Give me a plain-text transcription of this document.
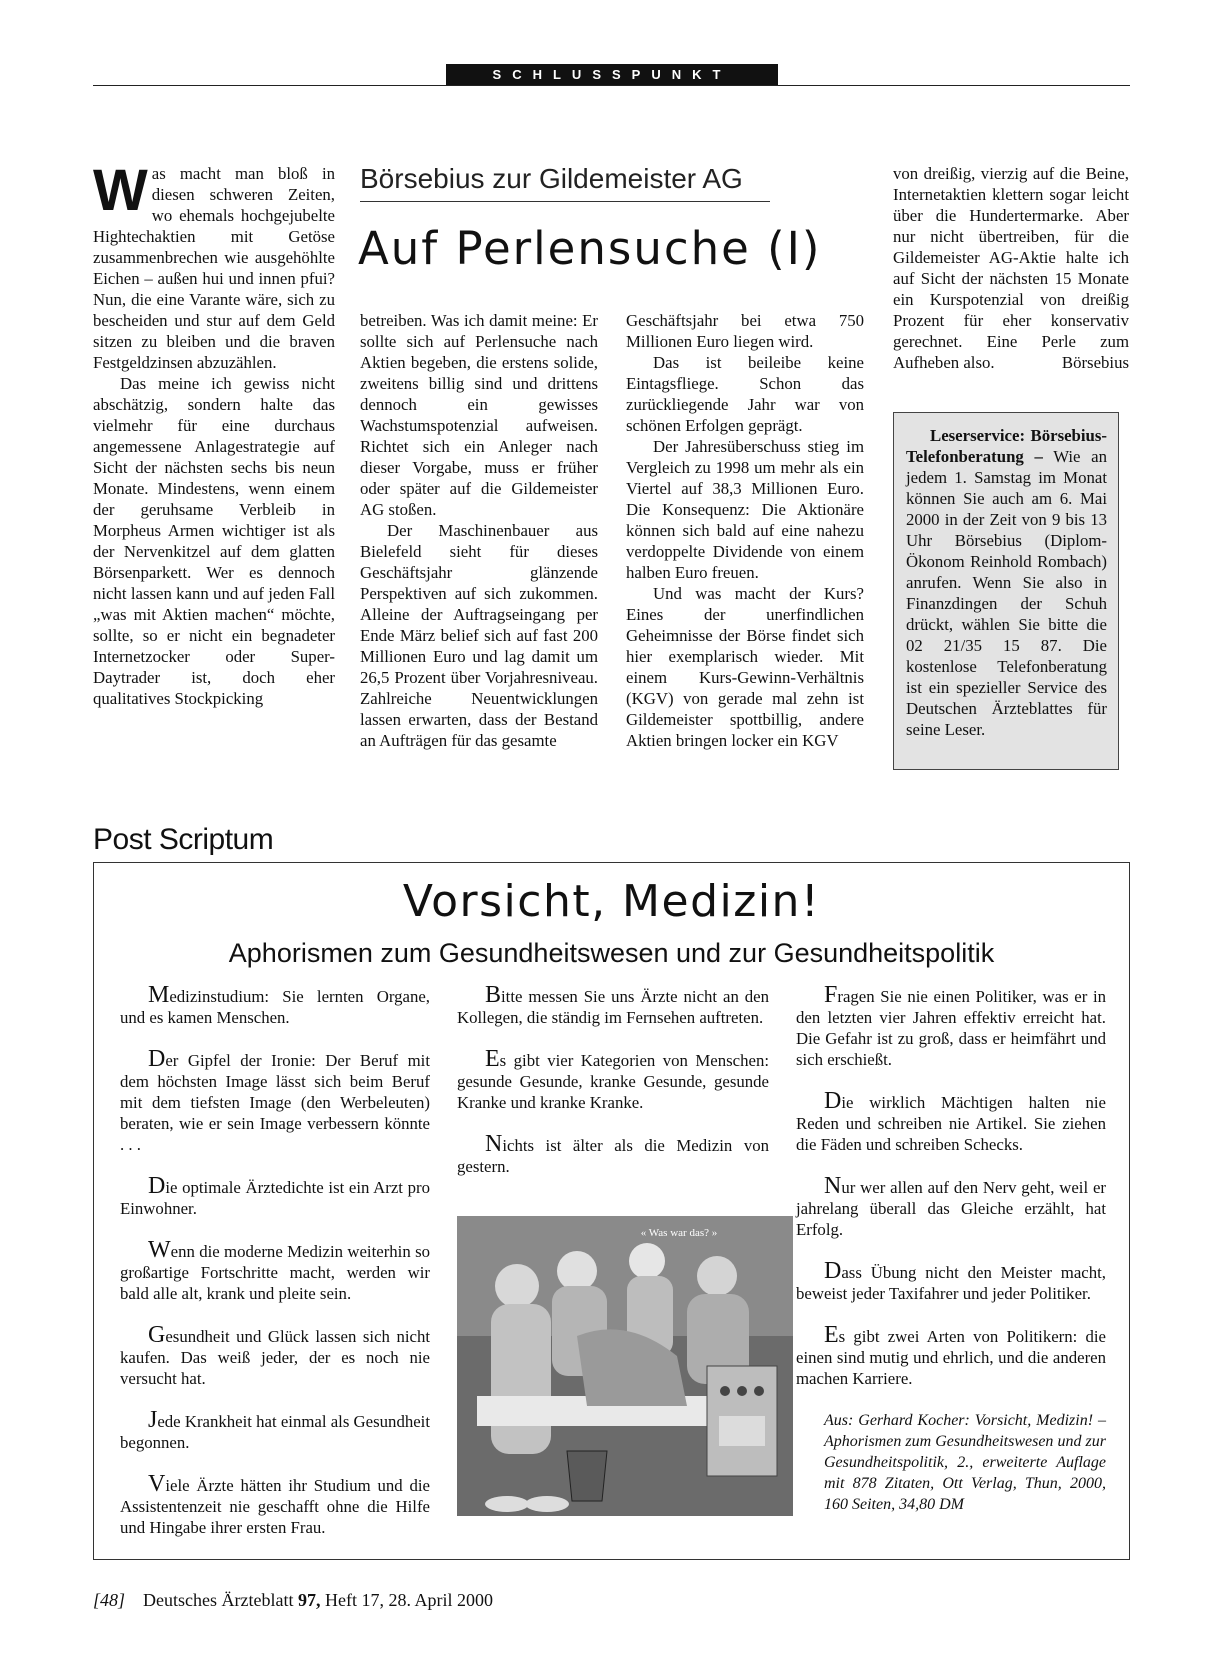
SCHLUSSPUNKT

Was macht man bloß in diesen schweren Zeiten, wo ehemals hochgejubelte Hightechaktien mit Getöse zusammenbrechen wie ausgehöhlte Eichen – außen hui und innen pfui? Nun, die eine Varante wäre, sich zu bescheiden und stur auf dem Geld sitzen zu bleiben und die braven Festgeldzinsen abzuzählen.

Das meine ich gewiss nicht abschätzig, sondern halte das vielmehr für eine durchaus angemessene Anlagestrategie auf Sicht der nächsten sechs bis neun Monate. Mindestens, wenn einem der geruhsame Verbleib in Morpheus Armen wichtiger ist als der Nervenkitzel auf dem glatten Börsenparkett. Wer es dennoch nicht lassen kann und auf jeden Fall „was mit Aktien machen“ möchte, sollte, so er nicht ein begnadeter Internetzocker oder Super-Daytrader ist, doch eher qualitatives Stockpicking

Börsebius zur Gildemeister AG
Auf Perlensuche (I)

betreiben. Was ich damit meine: Er sollte sich auf Perlensuche nach Aktien begeben, die erstens solide, zweitens billig sind und drittens dennoch ein gewisses Wachstumspotenzial aufweisen. Richtet sich ein Anleger nach dieser Vorgabe, muss er früher oder später auf die Gildemeister AG stoßen.

Der Maschinenbauer aus Bielefeld sieht für dieses Geschäftsjahr glänzende Perspektiven auf sich zukommen. Alleine der Auftragseingang per Ende März belief sich auf fast 200 Millionen Euro und lag damit um 26,5 Prozent über Vorjahresniveau. Zahlreiche Neuentwicklungen lassen erwarten, dass der Bestand an Aufträgen für das gesamte

Geschäftsjahr bei etwa 750 Millionen Euro liegen wird.

Das ist beileibe keine Eintagsfliege. Schon das zurückliegende Jahr war von schönen Erfolgen geprägt.

Der Jahresüberschuss stieg im Vergleich zu 1998 um mehr als ein Viertel auf 38,3 Millionen Euro. Die Konsequenz: Die Aktionäre können sich bald auf eine nahezu verdoppelte Dividende von einem halben Euro freuen.

Und was macht der Kurs? Eines der unerfindlichen Geheimnisse der Börse findet sich hier exemplarisch wieder. Mit einem Kurs-Gewinn-Verhältnis (KGV) von gerade mal zehn ist Gildemeister spottbillig, andere Aktien bringen locker ein KGV

von dreißig, vierzig auf die Beine, Internetaktien klettern sogar leicht über die Hundertermarke. Aber nur nicht übertreiben, für die Gildemeister AG-Aktie halte ich auf Sicht der nächsten 15 Monate ein Kurspotenzial von dreißig Prozent für eher konservativ gerechnet. Eine Perle zum Aufheben also.	Börsebius

Leserservice: Börsebius-Telefonberatung – Wie an jedem 1. Samstag im Monat können Sie auch am 6. Mai 2000 in der Zeit von 9 bis 13 Uhr Börsebius (Diplom-Ökonom Reinhold Rombach) anrufen. Wenn Sie also in Finanzdingen der Schuh drückt, wählen Sie bitte die 02 21/35 15 87. Die kostenlose Telefonberatung ist ein spezieller Service des Deutschen Ärzteblattes für seine Leser.
Post Scriptum
Vorsicht, Medizin!
Aphorismen zum Gesundheitswesen und zur Gesundheitspolitik

Medizinstudium: Sie lernten Organe, und es kamen Menschen.

Der Gipfel der Ironie: Der Beruf mit dem höchsten Image lässt sich beim Beruf mit dem tiefsten Image (den Werbeleuten) beraten, wie er sein Image verbessern könnte . . .

Die optimale Ärztedichte ist ein Arzt pro Einwohner.

Wenn die moderne Medizin weiterhin so großartige Fortschritte macht, werden wir bald alle alt, krank und pleite sein.

Gesundheit und Glück lassen sich nicht kaufen. Das weiß jeder, der es noch nie versucht hat.

Jede Krankheit hat einmal als Gesundheit begonnen.

Viele Ärzte hätten ihr Studium und die Assistentenzeit nie geschafft ohne die Hilfe und Hingabe ihrer ersten Frau.

Bitte messen Sie uns Ärzte nicht an den Kollegen, die ständig im Fernsehen auftreten.

Es gibt vier Kategorien von Menschen: gesunde Gesunde, kranke Gesunde, gesunde Kranke und kranke Kranke.

Nichts ist älter als die Medizin von gestern.

« Was war das? »

Fragen Sie nie einen Politiker, was er in den letzten vier Jahren effektiv erreicht hat. Die Gefahr ist zu groß, dass er heimfährt und sich erschießt.

Die wirklich Mächtigen halten nie Reden und schreiben nie Artikel. Sie ziehen die Fäden und schreiben Schecks.

Nur wer allen auf den Nerv geht, weil er jahrelang überall das Gleiche erzählt, hat Erfolg.

Dass Übung nicht den Meister macht, beweist jeder Taxifahrer und jeder Politiker.

Es gibt zwei Arten von Politikern: die einen sind mutig und ehrlich, und die anderen machen Karriere.

Aus: Gerhard Kocher: Vorsicht, Medizin! – Aphorismen zum Gesundheitswesen und zur Gesundheitspolitik, 2., erweiterte Auflage mit 878 Zitaten, Ott Verlag, Thun, 2000, 160 Seiten, 34,80 DM
[48] Deutsches Ärzteblatt 97, Heft 17, 28. April 2000
